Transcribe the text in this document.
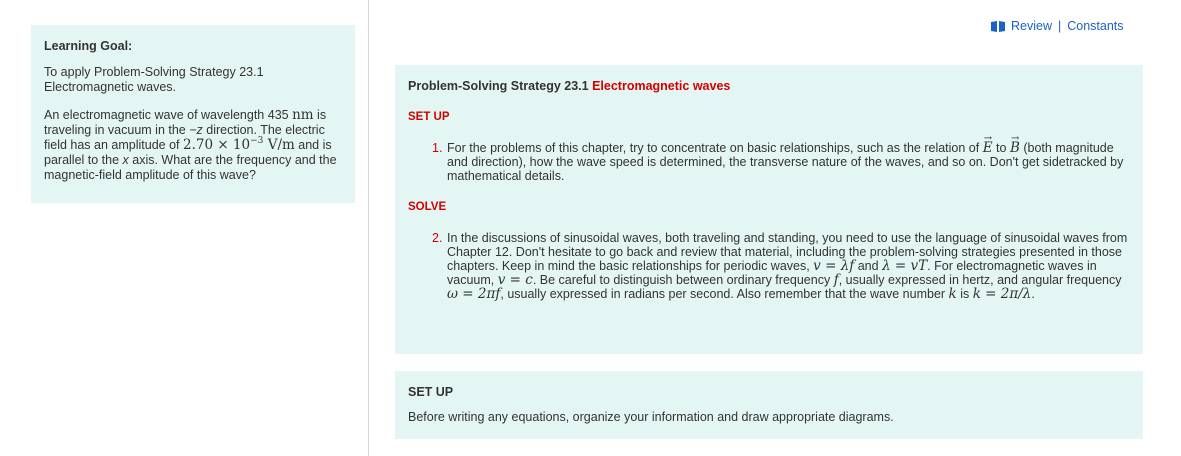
Learning Goal:
To apply Problem-Solving Strategy 23.1 Electromagnetic waves.
An electromagnetic wave of wavelength 435 nm is traveling in vacuum in the −z direction. The electric field has an amplitude of $2.70 \times 10^{-3}$ V/m and is parallel to the x axis. What are the frequency and the magnetic-field amplitude of this wave?
Review | Constants
Problem-Solving Strategy 23.1 Electromagnetic waves
SET UP
1. For the problems of this chapter, try to concentrate on basic relationships, such as the relation of → E to → B (both magnitude and direction), how the wave speed is determined, the transverse nature of the waves, and so on. Don't get sidetracked by mathematical details.
SOLVE
2. In the discussions of sinusoidal waves, both traveling and standing, you need to use the language of sinusoidal waves from Chapter 12. Don't hesitate to go back and review that material, including the problem-solving strategies presented in those chapters. Keep in mind the basic relationships for periodic waves, v = λf and λ = vT. For electromagnetic waves in vacuum, v = c. Be careful to distinguish between ordinary frequency f, usually expressed in hertz, and angular frequency ω = 2πf, usually expressed in radians per second. Also remember that the wave number k is k = 2π/λ.
SET UP
Before writing any equations, organize your information and draw appropriate diagrams.
